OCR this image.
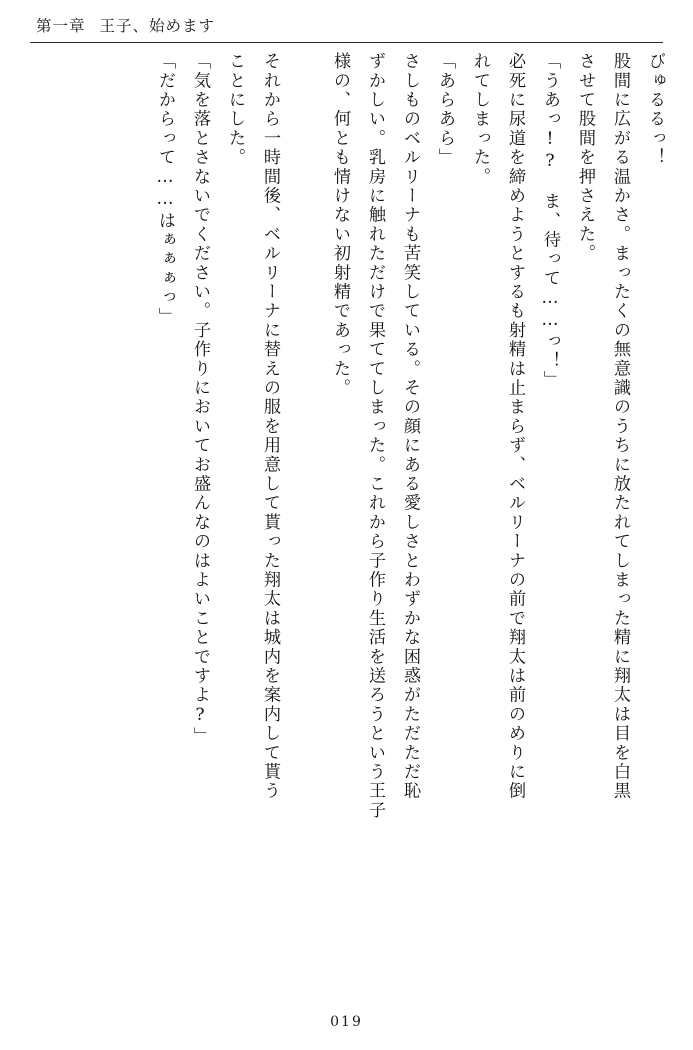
第一章 王子、始めます
びゅるるっ！
股間に広がる温かさ。まったくの無意識のうちに放たれてしまった精に翔太は目を白黒
させて股間を押さえた。
「うあっ!?　ま、待って……っ！」
必死に尿道を締めようとするも射精は止まらず、ベルリーナの前で翔太は前のめりに倒
れてしまった。
「あらあら」
さしものベルリーナも苦笑している。その顔にある愛しさとわずかな困惑がただただ恥
ずかしい。乳房に触れただけで果ててしまった。これから子作り生活を送ろうという王子
様の、何とも情けない初射精であった。
それから一時間後、ベルリーナに替えの服を用意して貰った翔太は城内を案内して貰う
ことにした。
「気を落とさないでください。子作りにおいてお盛んなのはよいことですよ?」
「だからって……はぁぁぁっ」
019
